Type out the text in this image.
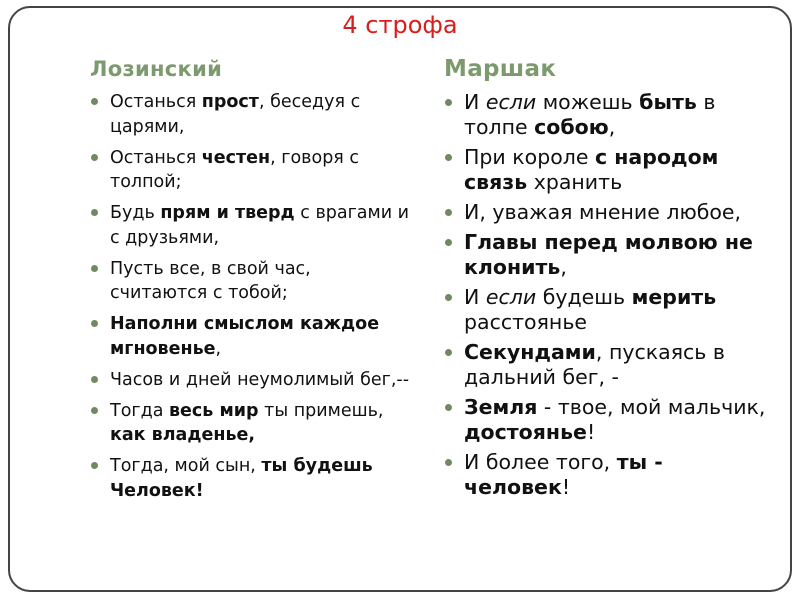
4 строфа
Лозинский
Останься прост, беседуя с царями,
Останься честен, говоря с толпой;
Будь прям и тверд с врагами и с друзьями,
Пусть все, в свой час, считаются с тобой;
Наполни смыслом каждое мгновенье,
Часов и дней неумолимый бег,--
Тогда весь мир ты примешь, как владенье,
Тогда, мой сын, ты будешь Человек!
Маршак
И если можешь быть в толпе собою,
При короле с народом связь хранить
И, уважая мнение любое,
Главы перед молвою не клонить,
И если будешь мерить расстоянье
Секундами, пускаясь в дальний бег, -
Земля - твое, мой мальчик, достоянье!
И более того, ты - человек!
